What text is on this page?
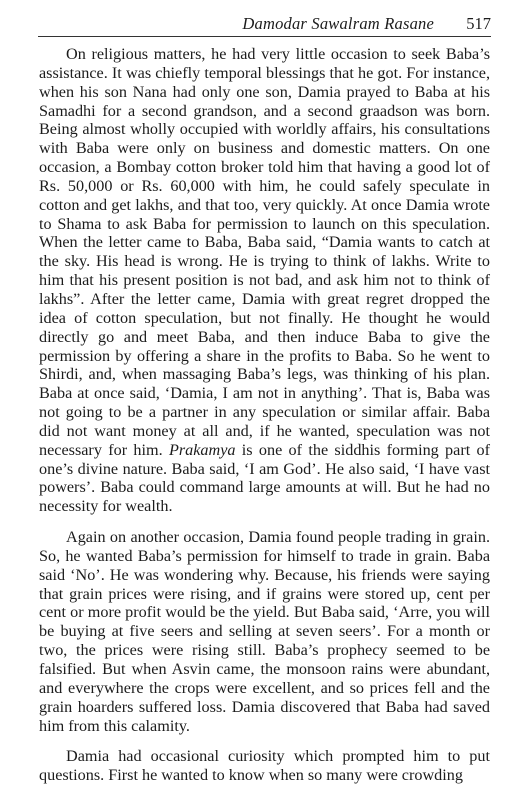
Damodar Sawalram Rasane 517

On religious matters, he had very little occasion to seek Baba’s assistance. It was chiefly temporal blessings that he got. For instance, when his son Nana had only one son, Damia prayed to Baba at his Samadhi for a second grandson, and a second graadson was born. Being almost wholly occupied with worldly affairs, his consultations with Baba were only on business and domestic matters. On one occasion, a Bombay cotton broker told him that having a good lot of Rs. 50,000 or Rs. 60,000 with him, he could safely speculate in cotton and get lakhs, and that too, very quickly. At once Damia wrote to Shama to ask Baba for permission to launch on this speculation. When the letter came to Baba, Baba said, “Damia wants to catch at the sky. His head is wrong. He is trying to think of lakhs. Write to him that his present position is not bad, and ask him not to think of lakhs”. After the letter came, Damia with great regret dropped the idea of cotton speculation, but not finally. He thought he would directly go and meet Baba, and then induce Baba to give the permission by offering a share in the profits to Baba. So he went to Shirdi, and, when massaging Baba’s legs, was thinking of his plan. Baba at once said, ‘Damia, I am not in anything’. That is, Baba was not going to be a partner in any speculation or similar affair. Baba did not want money at all and, if he wanted, speculation was not necessary for him. Prakamya is one of the siddhis forming part of one’s divine nature. Baba said, ‘I am God’. He also said, ‘I have vast powers’. Baba could command large amounts at will. But he had no necessity for wealth.

Again on another occasion, Damia found people trading in grain. So, he wanted Baba’s permission for himself to trade in grain. Baba said ‘No’. He was wondering why. Because, his friends were saying that grain prices were rising, and if grains were stored up, cent per cent or more profit would be the yield. But Baba said, ‘Arre, you will be buying at five seers and selling at seven seers’. For a month or two, the prices were rising still. Baba’s prophecy seemed to be falsified. But when Asvin came, the monsoon rains were abundant, and everywhere the crops were excellent, and so prices fell and the grain hoarders suffered loss. Damia discovered that Baba had saved him from this calamity.

Damia had occasional curiosity which prompted him to put questions. First he wanted to know when so many were crowding
